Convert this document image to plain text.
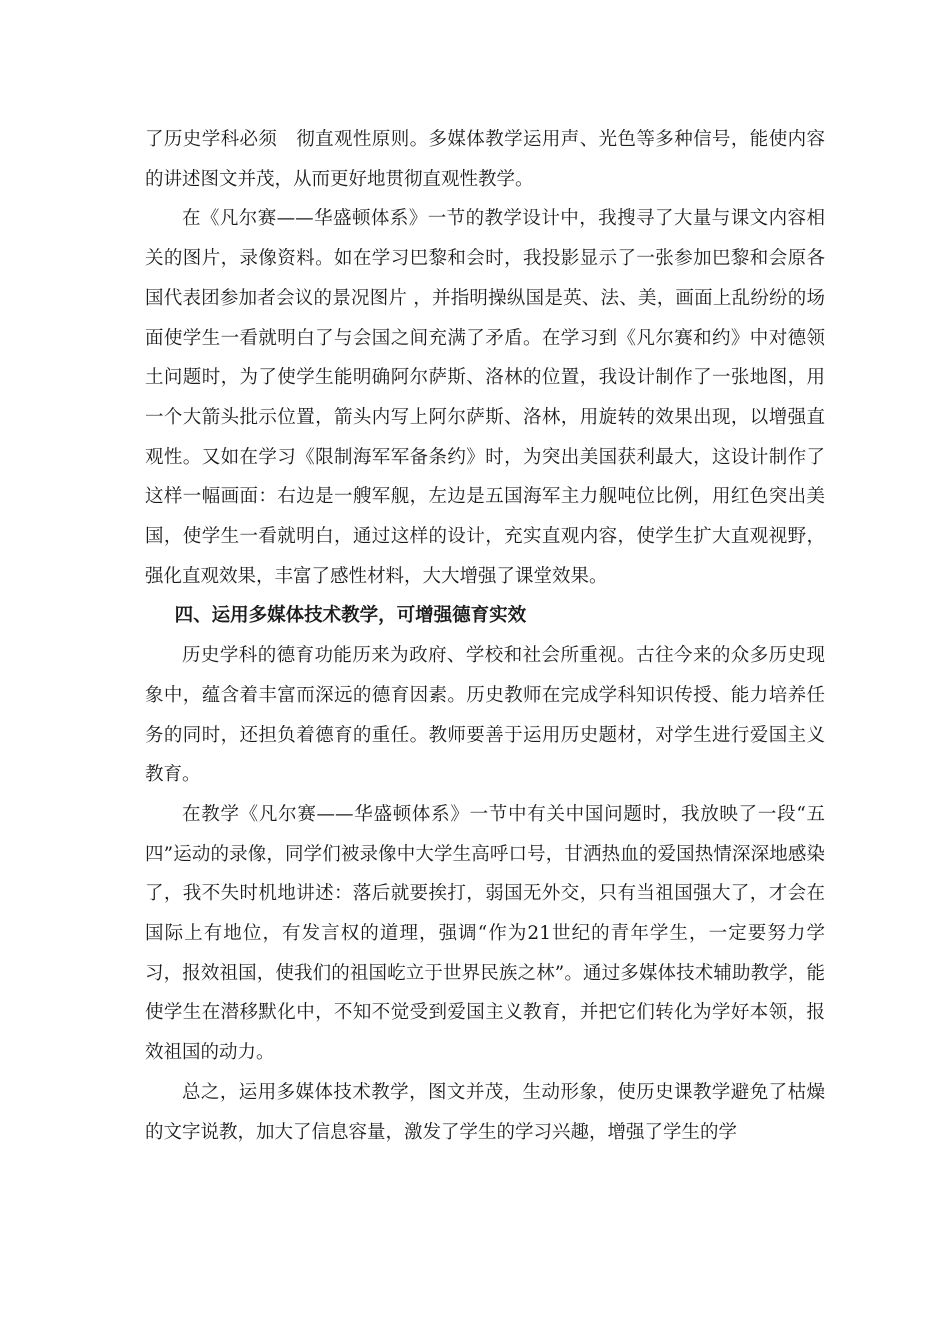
了历史学科必须　彻直观性原则。多媒体教学运用声、光色等多种信号，能使内容的讲述图文并茂，从而更好地贯彻直观性教学。

在《凡尔赛——华盛顿体系》一节的教学设计中，我搜寻了大量与课文内容相关的图片，录像资料。如在学习巴黎和会时，我投影显示了一张参加巴黎和会原各国代表团参加者会议的景况图片 ，并指明操纵国是英、法、美，画面上乱纷纷的场面使学生一看就明白了与会国之间充满了矛盾。在学习到《凡尔赛和约》中对德领土问题时，为了使学生能明确阿尔萨斯、洛林的位置，我设计制作了一张地图，用一个大箭头批示位置，箭头内写上阿尔萨斯、洛林，用旋转的效果出现，以增强直观性。又如在学习《限制海军军备条约》时，为突出美国获利最大，这设计制作了这样一幅画面：右边是一艘军舰，左边是五国海军主力舰吨位比例，用红色突出美国，使学生一看就明白，通过这样的设计，充实直观内容，使学生扩大直观视野，强化直观效果，丰富了感性材料，大大增强了课堂效果。

四、运用多媒体技术教学，可增强德育实效

历史学科的德育功能历来为政府、学校和社会所重视。古往今来的众多历史现象中，蕴含着丰富而深远的德育因素。历史教师在完成学科知识传授、能力培养任务的同时，还担负着德育的重任。教师要善于运用历史题材，对学生进行爱国主义教育。

在教学《凡尔赛——华盛顿体系》一节中有关中国问题时，我放映了一段“五四”运动的录像，同学们被录像中大学生高呼口号，甘洒热血的爱国热情深深地感染了，我不失时机地讲述：落后就要挨打，弱国无外交，只有当祖国强大了，才会在国际上有地位，有发言权的道理，强调“作为21世纪的青年学生，一定要努力学习，报效祖国，使我们的祖国屹立于世界民族之林”。通过多媒体技术辅助教学，能使学生在潜移默化中，不知不觉受到爱国主义教育，并把它们转化为学好本领，报效祖国的动力。

总之，运用多媒体技术教学，图文并茂，生动形象，使历史课教学避免了枯燥的文字说教，加大了信息容量，激发了学生的学习兴趣，增强了学生的学
